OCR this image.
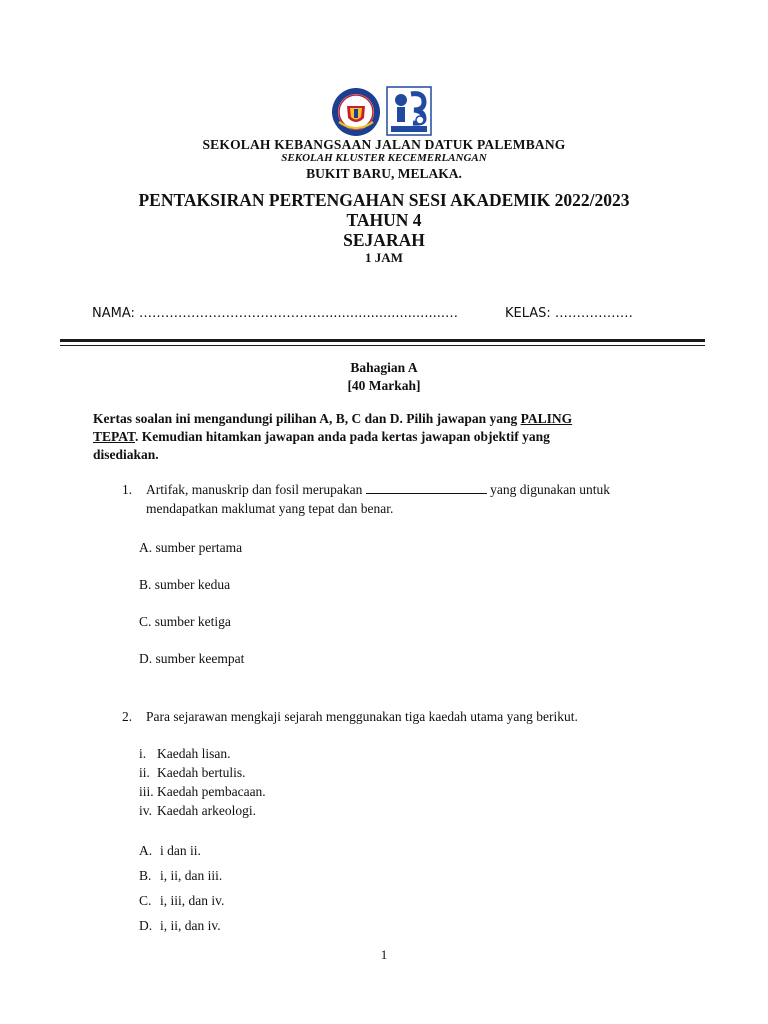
SEKOLAH KEBANGSAAN JALAN DATUK PALEMBANG
SEKOLAH KLUSTER KECEMERLANGAN
BUKIT BARU, MELAKA.
PENTAKSIRAN PERTENGAHAN SESI AKADEMIK 2022/2023
TAHUN 4
SEJARAH
1 JAM
NAMA: ……………………………………..............................…	KELAS: ………………
Bahagian A
[40 Markah]
Kertas soalan ini mengandungi pilihan A, B, C dan D. Pilih jawapan yang PALING
TEPAT. Kemudian hitamkan jawapan anda pada kertas jawapan objektif yang
disediakan.
1. Artifak, manuskrip dan fosil merupakan	yang digunakan untuk
mendapatkan maklumat yang tepat dan benar.
A. sumber pertama
B. sumber kedua
C. sumber ketiga
D. sumber keempat
2. Para sejarawan mengkaji sejarah menggunakan tiga kaedah utama yang berikut.
i. Kaedah lisan.
ii. Kaedah bertulis.
iii. Kaedah pembacaan.
iv. Kaedah arkeologi.
A. i dan ii.
B. i, ii, dan iii.
C. i, iii, dan iv.
D. i, ii, dan iv.
1
